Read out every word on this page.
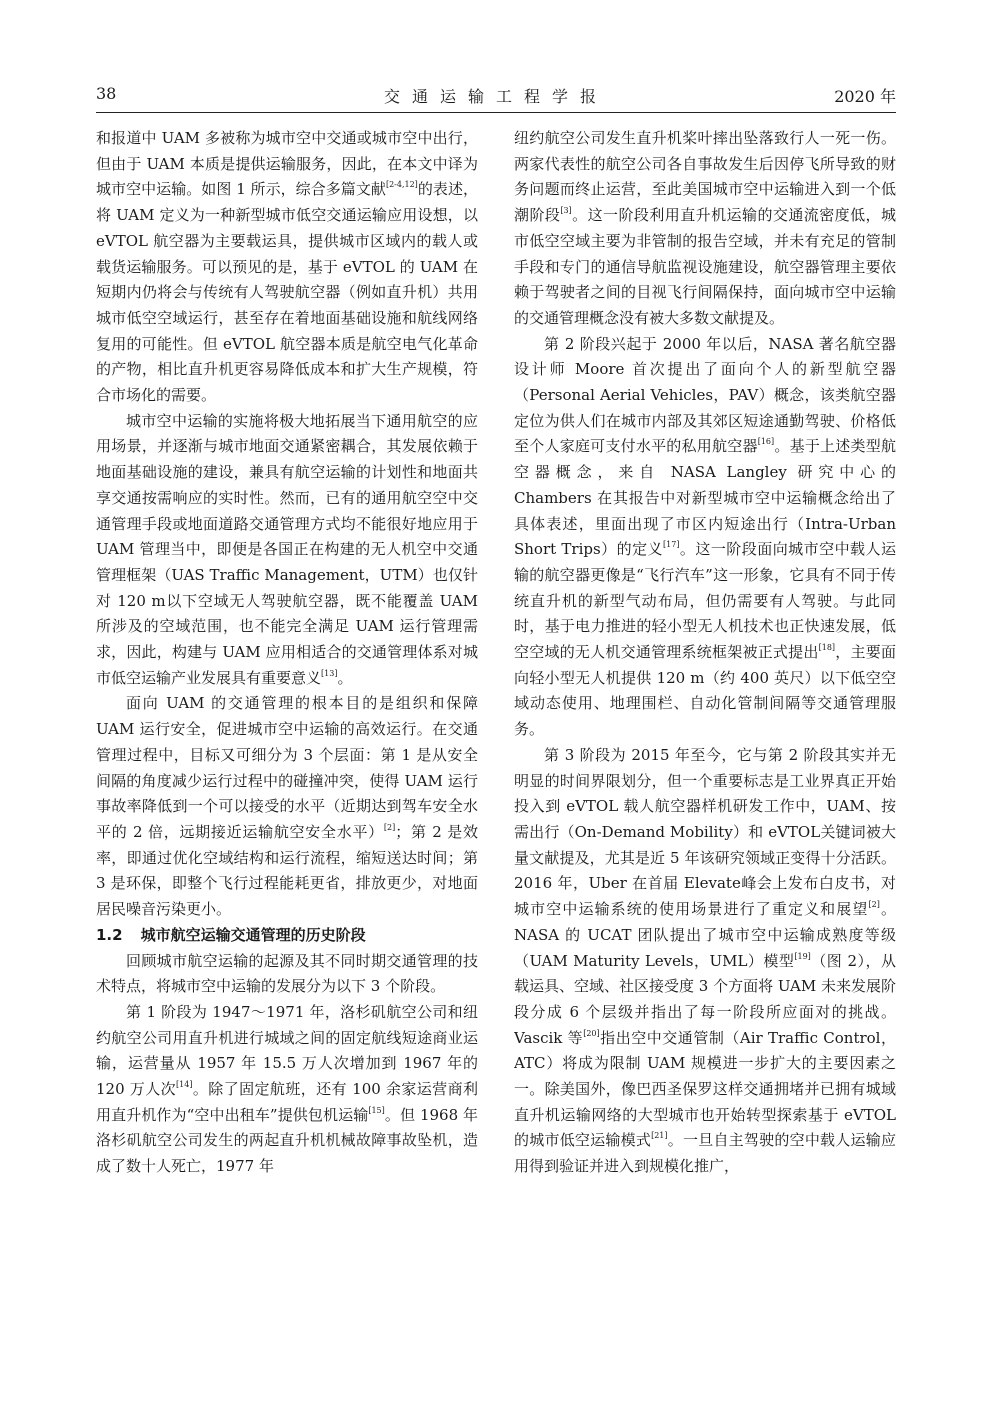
38	交通运输工程学报	2020 年

和报道中 UAM 多被称为城市空中交通或城市空中出行，但由于 UAM 本质是提供运输服务，因此，在本文中译为城市空中运输。如图 1 所示，综合多篇文献[2-4,12]的表述，将 UAM 定义为一种新型城市低空交通运输应用设想，以 eVTOL 航空器为主要载运具，提供城市区域内的载人或载货运输服务。可以预见的是，基于 eVTOL 的 UAM 在短期内仍将会与传统有人驾驶航空器（例如直升机）共用城市低空空域运行，甚至存在着地面基础设施和航线网络复用的可能性。但 eVTOL 航空器本质是航空电气化革命的产物，相比直升机更容易降低成本和扩大生产规模，符合市场化的需要。

城市空中运输的实施将极大地拓展当下通用航空的应用场景，并逐渐与城市地面交通紧密耦合，其发展依赖于地面基础设施的建设，兼具有航空运输的计划性和地面共享交通按需响应的实时性。然而，已有的通用航空空中交通管理手段或地面道路交通管理方式均不能很好地应用于 UAM 管理当中，即便是各国正在构建的无人机空中交通管理框架（UAS Traffic Management，UTM）也仅针对 120 m以下空域无人驾驶航空器，既不能覆盖 UAM 所涉及的空域范围，也不能完全满足 UAM 运行管理需求，因此，构建与 UAM 应用相适合的交通管理体系对城市低空运输产业发展具有重要意义[13]。

面向 UAM 的交通管理的根本目的是组织和保障 UAM 运行安全，促进城市空中运输的高效运行。在交通管理过程中，目标又可细分为 3 个层面：第 1 是从安全间隔的角度减少运行过程中的碰撞冲突，使得 UAM 运行事故率降低到一个可以接受的水平（近期达到驾车安全水平的 2 倍，远期接近运输航空安全水平）[2]；第 2 是效率，即通过优化空域结构和运行流程，缩短送达时间；第 3 是环保，即整个飞行过程能耗更省，排放更少，对地面居民噪音污染更小。

1.2 城市航空运输交通管理的历史阶段

回顾城市航空运输的起源及其不同时期交通管理的技术特点，将城市空中运输的发展分为以下 3 个阶段。

第 1 阶段为 1947～1971 年，洛杉矶航空公司和纽约航空公司用直升机进行城域之间的固定航线短途商业运输，运营量从 1957 年 15.5 万人次增加到 1967 年的 120 万人次[14]。除了固定航班，还有 100 余家运营商利用直升机作为“空中出租车”提供包机运输[15]。但 1968 年洛杉矶航空公司发生的两起直升机机械故障事故坠机，造成了数十人死亡，1977 年

纽约航空公司发生直升机桨叶摔出坠落致行人一死一伤。两家代表性的航空公司各自事故发生后因停飞所导致的财务问题而终止运营，至此美国城市空中运输进入到一个低潮阶段[3]。这一阶段利用直升机运输的交通流密度低，城市低空空域主要为非管制的报告空域，并未有充足的管制手段和专门的通信导航监视设施建设，航空器管理主要依赖于驾驶者之间的目视飞行间隔保持，面向城市空中运输的交通管理概念没有被大多数文献提及。

第 2 阶段兴起于 2000 年以后，NASA 著名航空器设计师 Moore 首次提出了面向个人的新型航空器（Personal Aerial Vehicles，PAV）概念，该类航空器定位为供人们在城市内部及其郊区短途通勤驾驶、价格低至个人家庭可支付水平的私用航空器[16]。基于上述类型航空器概念，来自 NASA Langley 研究中心的 Chambers 在其报告中对新型城市空中运输概念给出了具体表述，里面出现了市区内短途出行（Intra-Urban Short Trips）的定义[17]。这一阶段面向城市空中载人运输的航空器更像是“飞行汽车”这一形象，它具有不同于传统直升机的新型气动布局，但仍需要有人驾驶。与此同时，基于电力推进的轻小型无人机技术也正快速发展，低空空域的无人机交通管理系统框架被正式提出[18]，主要面向轻小型无人机提供 120 m（约 400 英尺）以下低空空域动态使用、地理围栏、自动化管制间隔等交通管理服务。

第 3 阶段为 2015 年至今，它与第 2 阶段其实并无明显的时间界限划分，但一个重要标志是工业界真正开始投入到 eVTOL 载人航空器样机研发工作中，UAM、按需出行（On-Demand Mobility）和 eVTOL关键词被大量文献提及，尤其是近 5 年该研究领域正变得十分活跃。2016 年，Uber 在首届 Elevate峰会上发布白皮书，对城市空中运输系统的使用场景进行了重定义和展望[2]。NASA 的 UCAT 团队提出了城市空中运输成熟度等级（UAM Maturity Levels，UML）模型[19]（图 2），从载运具、空域、社区接受度 3 个方面将 UAM 未来发展阶段分成 6 个层级并指出了每一阶段所应面对的挑战。Vascik 等[20]指出空中交通管制（Air Traffic Control，ATC）将成为限制 UAM 规模进一步扩大的主要因素之一。除美国外，像巴西圣保罗这样交通拥堵并已拥有城域直升机运输网络的大型城市也开始转型探索基于 eVTOL 的城市低空运输模式[21]。一旦自主驾驶的空中载人运输应用得到验证并进入到规模化推广，
